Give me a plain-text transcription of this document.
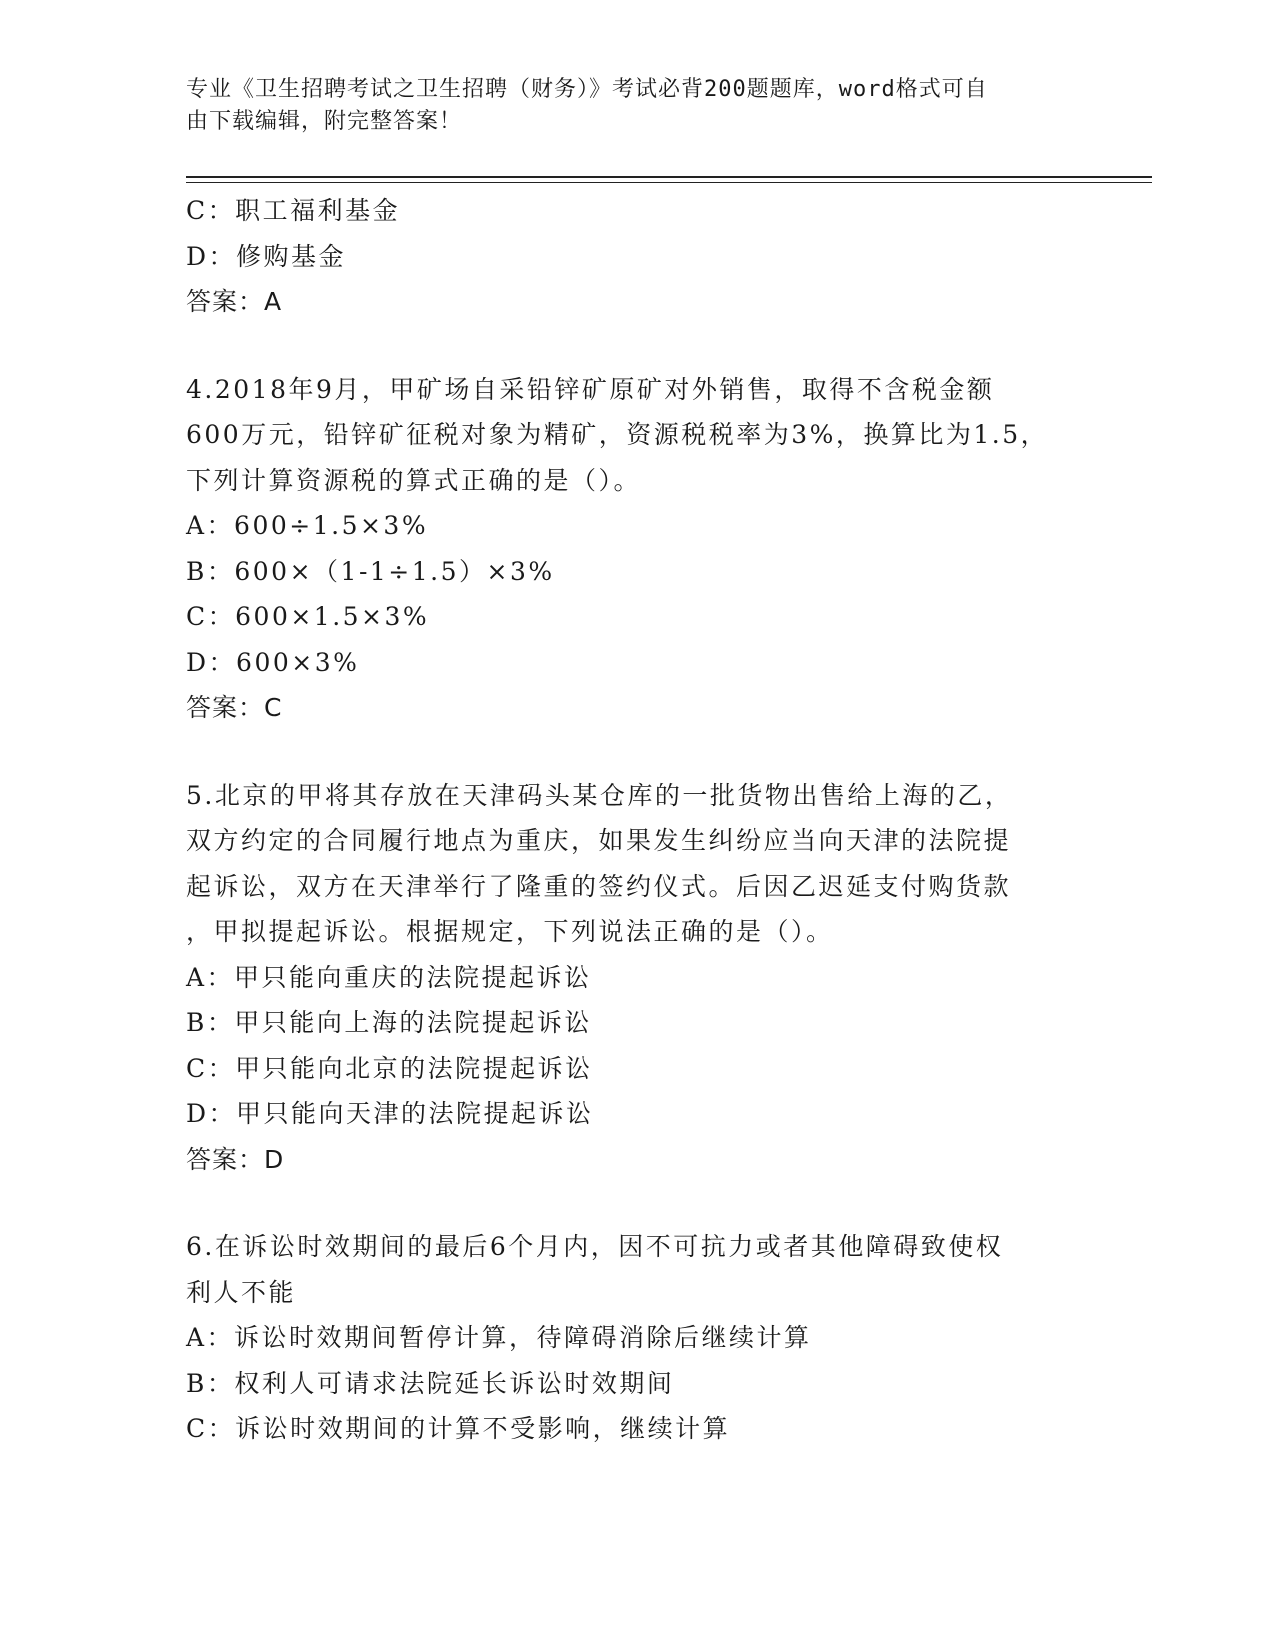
专业《卫生招聘考试之卫生招聘（财务）》考试必背200题题库，word格式可自
由下载编辑，附完整答案！
C：职工福利基金
D：修购基金
答案：A
4.2018年9月，甲矿场自采铅锌矿原矿对外销售，取得不含税金额
600万元，铅锌矿征税对象为精矿，资源税税率为3%，换算比为1.5，
下列计算资源税的算式正确的是（）。
A：600÷1.5×3%
B：600×（1-1÷1.5）×3%
C：600×1.5×3%
D：600×3%
答案：C
5.北京的甲将其存放在天津码头某仓库的一批货物出售给上海的乙，
双方约定的合同履行地点为重庆，如果发生纠纷应当向天津的法院提
起诉讼，双方在天津举行了隆重的签约仪式。后因乙迟延支付购货款
，甲拟提起诉讼。根据规定，下列说法正确的是（）。
A：甲只能向重庆的法院提起诉讼
B：甲只能向上海的法院提起诉讼
C：甲只能向北京的法院提起诉讼
D：甲只能向天津的法院提起诉讼
答案：D
6.在诉讼时效期间的最后6个月内，因不可抗力或者其他障碍致使权
利人不能
A：诉讼时效期间暂停计算，待障碍消除后继续计算
B：权利人可请求法院延长诉讼时效期间
C：诉讼时效期间的计算不受影响，继续计算
